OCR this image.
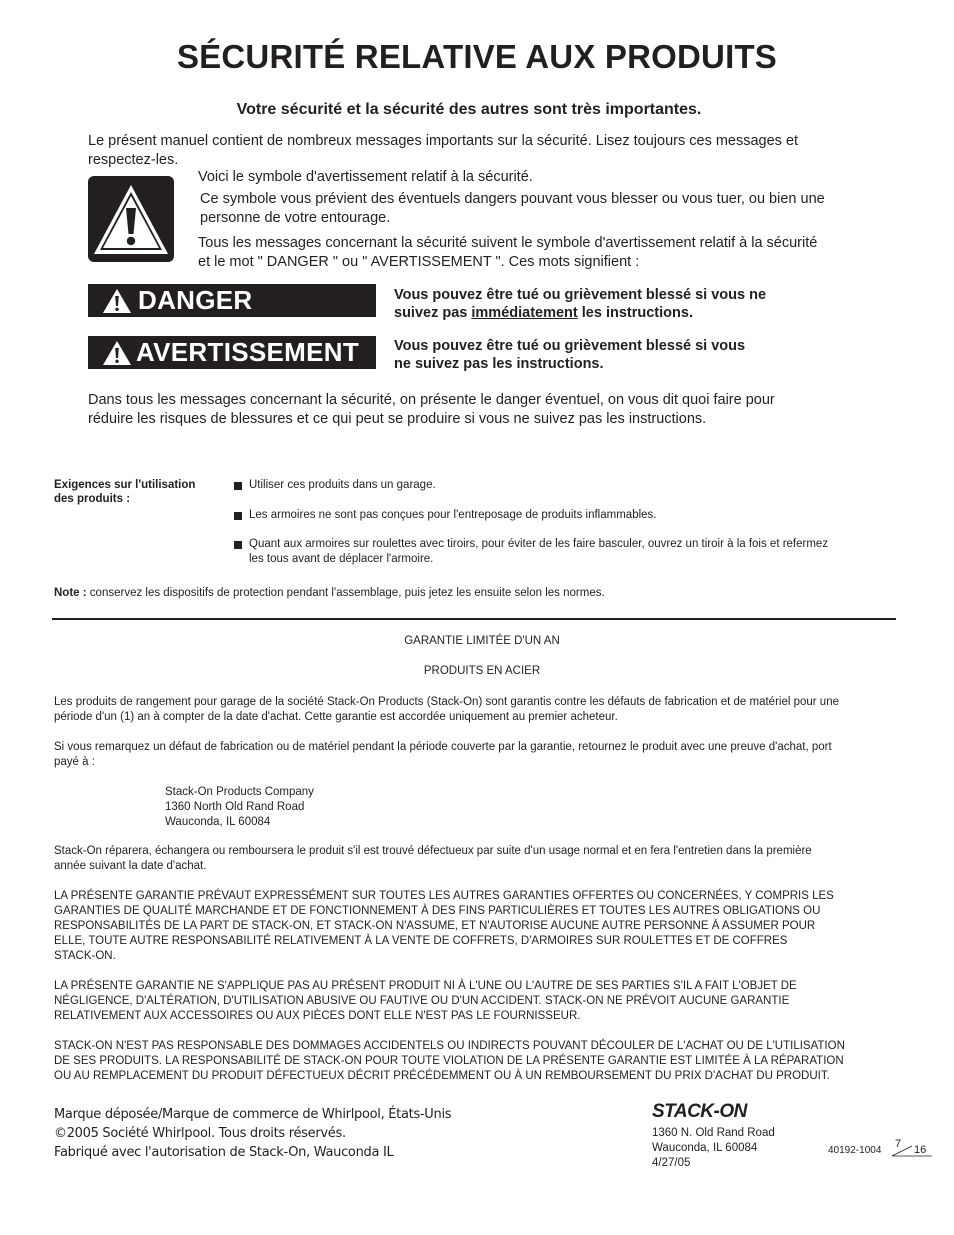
SÉCURITÉ RELATIVE AUX PRODUITS
Votre sécurité et la sécurité des autres sont très importantes.
Le présent manuel contient de nombreux messages importants sur la sécurité. Lisez toujours ces messages et
respectez-les.
Voici le symbole d'avertissement relatif à la sécurité.
Ce symbole vous prévient des éventuels dangers pouvant vous blesser ou vous tuer, ou bien une
personne de votre entourage.
Tous les messages concernant la sécurité suivent le symbole d'avertissement relatif à la sécurité
et le mot " DANGER " ou " AVERTISSEMENT ". Ces mots signifient :
DANGER	Vous pouvez être tué ou grièvement blessé si vous ne
suivez pas immédiatement les instructions.
AVERTISSEMENT Vous pouvez être tué ou grièvement blessé si vous
ne suivez pas les instructions.
Dans tous les messages concernant la sécurité, on présente le danger éventuel, on vous dit quoi faire pour
réduire les risques de blessures et ce qui peut se produire si vous ne suivez pas les instructions.
Exigences sur l'utilisation
des produits :
Utiliser ces produits dans un garage.
Les armoires ne sont pas conçues pour l'entreposage de produits inflammables.
Quant aux armoires sur roulettes avec tiroirs, pour éviter de les faire basculer, ouvrez un tiroir à la fois et refermez
les tous avant de déplacer l'armoire.
Note : conservez les dispositifs de protection pendant l'assemblage, puis jetez les ensuite selon les normes.
GARANTIE LIMITÉE D'UN AN
PRODUITS EN ACIER
Les produits de rangement pour garage de la société Stack-On Products (Stack-On) sont garantis contre les défauts de fabrication et de matériel pour une
période d'un (1) an à compter de la date d'achat. Cette garantie est accordée uniquement au premier acheteur.
Si vous remarquez un défaut de fabrication ou de matériel pendant la période couverte par la garantie, retournez le produit avec une preuve d'achat, port
payé à :
Stack-On Products Company
1360 North Old Rand Road
Wauconda, IL 60084
Stack-On réparera, échangera ou remboursera le produit s'il est trouvé défectueux par suite d'un usage normal et en fera l'entretien dans la première
année suivant la date d'achat.
LA PRÉSENTE GARANTIE PRÉVAUT EXPRESSÉMENT SUR TOUTES LES AUTRES GARANTIES OFFERTES OU CONCERNÉES, Y COMPRIS LES
GARANTIES DE QUALITÉ MARCHANDE ET DE FONCTIONNEMENT À DES FINS PARTICULIÈRES ET TOUTES LES AUTRES OBLIGATIONS OU
RESPONSABILITÉS DE LA PART DE STACK-ON, ET STACK-ON N'ASSUME, ET N'AUTORISE AUCUNE AUTRE PERSONNE À ASSUMER POUR
ELLE, TOUTE AUTRE RESPONSABILITÉ RELATIVEMENT À LA VENTE DE COFFRETS, D'ARMOIRES SUR ROULETTES ET DE COFFRES
STACK-ON.
LA PRÉSENTE GARANTIE NE S'APPLIQUE PAS AU PRÉSENT PRODUIT NI À L'UNE OU L'AUTRE DE SES PARTIES S'IL A FAIT L'OBJET DE
NÉGLIGENCE, D'ALTÉRATION, D'UTILISATION ABUSIVE OU FAUTIVE OU D'UN ACCIDENT. STACK-ON NE PRÉVOIT AUCUNE GARANTIE
RELATIVEMENT AUX ACCESSOIRES OU AUX PIÈCES DONT ELLE N'EST PAS LE FOURNISSEUR.
STACK-ON N'EST PAS RESPONSABLE DES DOMMAGES ACCIDENTELS OU INDIRECTS POUVANT DÉCOULER DE L'ACHAT OU DE L'UTILISATION
DE SES PRODUITS. LA RESPONSABILITÉ DE STACK-ON POUR TOUTE VIOLATION DE LA PRÉSENTE GARANTIE EST LIMITÉE À LA RÉPARATION
OU AU REMPLACEMENT DU PRODUIT DÉFECTUEUX DÉCRIT PRÉCÉDEMMENT OU À UN REMBOURSEMENT DU PRIX D'ACHAT DU PRODUIT.
Marque déposée/Marque de commerce de Whirlpool, États-Unis
©2005 Société Whirlpool. Tous droits réservés.
Fabriqué avec l'autorisation de Stack-On, Wauconda IL
STACK-ON
1360 N. Old Rand Road
Wauconda, IL 60084
4/27/05
40192-1004
7 16
